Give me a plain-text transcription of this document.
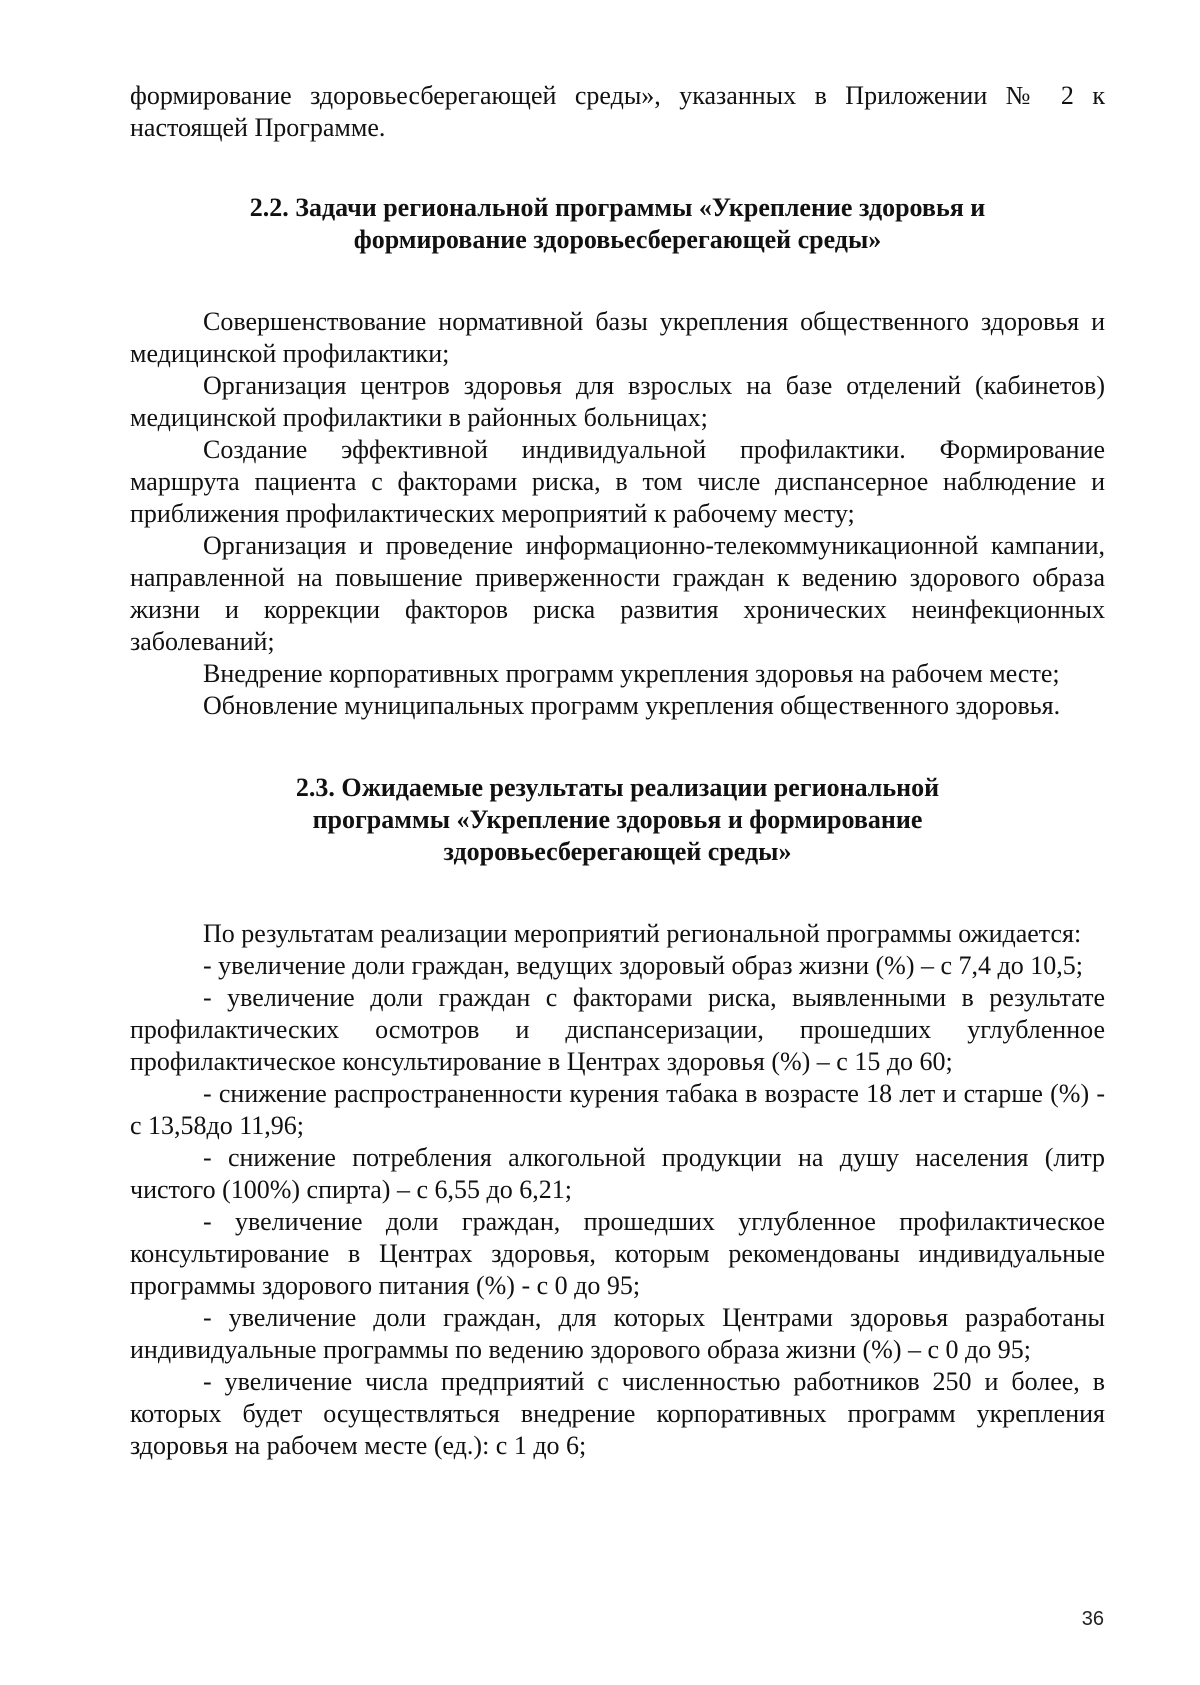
формирование здоровьесберегающей среды», указанных в Приложении № 2 к настоящей Программе.

2.2. Задачи региональной программы «Укрепление здоровья и
формирование здоровьесберегающей среды»

Совершенствование нормативной базы укрепления общественного здоровья и медицинской профилактики;

Организация центров здоровья для взрослых на базе отделений (кабинетов) медицинской профилактики в районных больницах;

Создание эффективной индивидуальной профилактики. Формирование маршрута пациента с факторами риска, в том числе диспансерное наблюдение и приближения профилактических мероприятий к рабочему месту;

Организация и проведение информационно-телекоммуникационной кампании, направленной на повышение приверженности граждан к ведению здорового образа жизни и коррекции факторов риска развития хронических неинфекционных заболеваний;

Внедрение корпоративных программ укрепления здоровья на рабочем месте;

Обновление муниципальных программ укрепления общественного здоровья.

2.3. Ожидаемые результаты реализации региональной
программы «Укрепление здоровья и формирование
здоровьесберегающей среды»

По результатам реализации мероприятий региональной программы ожидается:

- увеличение доли граждан, ведущих здоровый образ жизни (%) – с 7,4 до 10,5;

- увеличение доли граждан с факторами риска, выявленными в результате профилактических осмотров и диспансеризации, прошедших углубленное профилактическое консультирование в Центрах здоровья (%) – с 15 до 60;

- снижение распространенности курения табака в возрасте 18 лет и старше (%) - с 13,58до 11,96;

- снижение потребления алкогольной продукции на душу населения (литр чистого (100%) спирта) – с 6,55 до 6,21;

- увеличение доли граждан, прошедших углубленное профилактическое консультирование в Центрах здоровья, которым рекомендованы индивидуальные программы здорового питания (%) - с 0 до 95;

- увеличение доли граждан, для которых Центрами здоровья разработаны индивидуальные программы по ведению здорового образа жизни (%) – с 0 до 95;

- увеличение числа предприятий с численностью работников 250 и более, в которых будет осуществляться внедрение корпоративных программ укрепления здоровья на рабочем месте (ед.): с 1 до 6;

36
